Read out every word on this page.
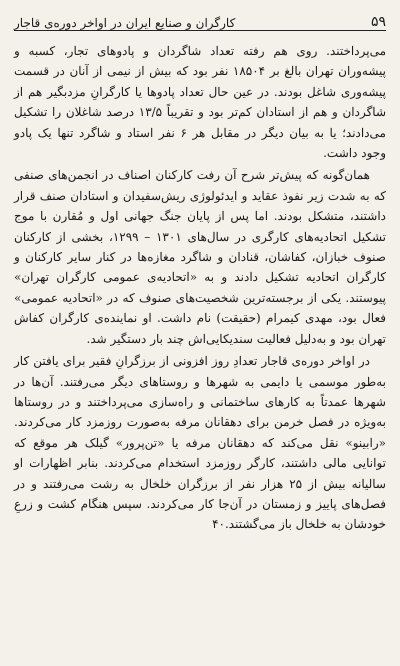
۵۹
کارگران و صنایع ایران در اواخر دوره‌ی قاجار

می‌پرداختند. روی هم رفته تعداد شاگردان و پادوهای تجار، کسبه و پیشه‌وران تهران بالغ بر ۱۸۵۰۴ نفر بود که بیش از نیمی از آنان در قسمت پیشه‌وری شاغل بودند. در عین حال تعداد پادوها یا کارگرانِ مزدبگیر هم از شاگردان و هم از استادان کم‌تر بود و تقریباً ۱۳/۵ درصد شاغلان را تشکیل می‌دادند؛ یا به بیان دیگر در مقابل هر ۶ نفر استاد و شاگرد تنها یک پادو وجود داشت.

همان‌گونه که پیش‌تر شرح آن رفت کارکنان اصناف در انجمن‌های صنفی که به شدت زیر نفوذ عقاید و ایدئولوژی ریش‌سفیدان و استادان صنف قرار داشتند، متشکل بودند. اما پس از پایان جنگ جهانی اول و مُقارن با موج تشکیل اتحادیه‌های کارگری در سال‌های ۱۳۰۱ – ۱۲۹۹، بخشی از کارکنان صنوف خبازان، کفاشان، قنادان و شاگرد مغازه‌ها در کنار سایر کارکنان و کارگران اتحادیه تشکیل دادند و به «اتحادیه‌ی عمومی کارگران تهران» پیوستند. یکی از برجسته‌ترین شخصیت‌های صنوف که در «اتحادیه عمومی» فعال بود، مهدی کیمرام (حقیقت) نام داشت. او نماینده‌ی کارگران کفاش تهران بود و به‌دلیل فعالیت سندیکایی‌اش چند بار دستگیر شد.

در اواخر دوره‌ی قاجار تعدادِ روز افزونی از برزگرانِ فقیر برای یافتن کار به‌طور موسمی یا دایمی به شهرها و روستاهای دیگر می‌رفتند. آن‌ها در شهرها عمدتاً به کارهای ساختمانی و راه‌سازی می‌پرداختند و در روستاها به‌ویژه در فصل خرمن برای دهقانان مرفه به‌صورت روزمزد کار می‌کردند. «رابینو» نقل می‌کند که دهقانان مرفه یا «تن‌پرور» گیلک هر موقع که توانایی مالی داشتند، کارگر روزمزد استخدام می‌کردند. بنابر اظهارات او سالیانه بیش از ۲۵ هزار نفر از برزگران خلخال به رشت می‌رفتند و در فصل‌های پاییز و زمستان در آن‌جا کار می‌کردند. سپس هنگام کشت و زرعِ خودشان به خلخال باز می‌گشتند.۴۰
